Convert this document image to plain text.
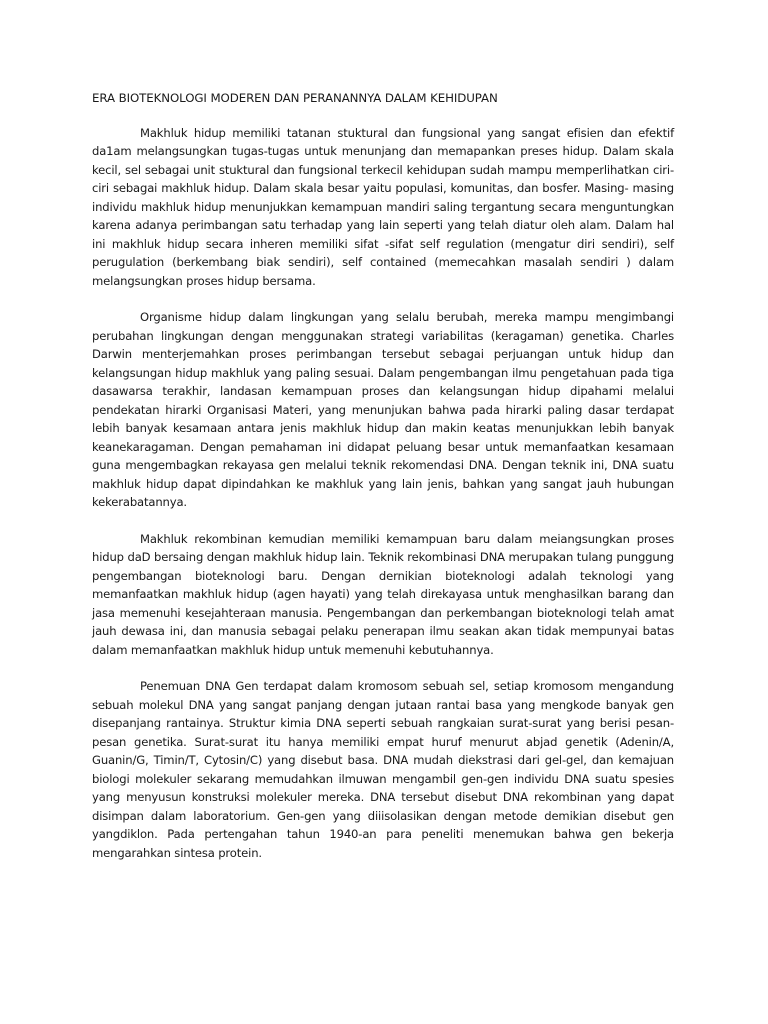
ERA BIOTEKNOLOGI MODEREN DAN PERANANNYA DALAM KEHIDUPAN

Makhluk hidup memiliki tatanan stuktural dan fungsional yang sangat efisien dan efektif da1am melangsungkan tugas-tugas untuk menunjang dan memapankan preses hidup. Dalam skala kecil, sel sebagai unit stuktural dan fungsional terkecil kehidupan sudah mampu memperlihatkan ciri-ciri sebagai makhluk hidup. Dalam skala besar yaitu populasi, komunitas, dan bosfer. Masing- masing individu makhluk hidup menunjukkan kemampuan mandiri saling tergantung secara menguntungkan karena adanya perimbangan satu terhadap yang lain seperti yang telah diatur oleh alam. Dalam hal ini makhluk hidup secara inheren memiliki sifat -sifat self regulation (mengatur diri sendiri), self perugulation (berkembang biak sendiri), self contained (memecahkan masalah sendiri ) dalam melangsungkan proses hidup bersama.

Organisme hidup dalam lingkungan yang selalu berubah, mereka mampu mengimbangi perubahan lingkungan dengan menggunakan strategi variabilitas (keragaman) genetika. Charles Darwin menterjemahkan proses perimbangan tersebut sebagai perjuangan untuk hidup dan kelangsungan hidup makhluk yang paling sesuai. Dalam pengembangan ilmu pengetahuan pada tiga dasawarsa terakhir, landasan kemampuan proses dan kelangsungan hidup dipahami melalui pendekatan hirarki Organisasi Materi, yang menunjukan bahwa pada hirarki paling dasar terdapat lebih banyak kesamaan antara jenis makhluk hidup dan makin keatas menunjukkan lebih banyak keanekaragaman. Dengan pemahaman ini didapat peluang besar untuk memanfaatkan kesamaan guna mengembagkan rekayasa gen melalui teknik rekomendasi DNA. Dengan teknik ini, DNA suatu makhluk hidup dapat dipindahkan ke makhluk yang lain jenis, bahkan yang sangat jauh hubungan kekerabatannya.

Makhluk rekombinan kemudian memiliki kemampuan baru dalam meiangsungkan proses hidup daD bersaing dengan makhluk hidup lain. Teknik rekombinasi DNA merupakan tulang punggung pengembangan bioteknologi baru. Dengan dernikian bioteknologi adalah teknologi yang memanfaatkan makhluk hidup (agen hayati) yang telah direkayasa untuk menghasilkan barang dan jasa memenuhi kesejahteraan manusia. Pengembangan dan perkembangan bioteknologi telah amat jauh dewasa ini, dan manusia sebagai pelaku penerapan ilmu seakan akan tidak mempunyai batas dalam memanfaatkan makhluk hidup untuk memenuhi kebutuhannya.

Penemuan DNA Gen terdapat dalam kromosom sebuah sel, setiap kromosom mengandung sebuah molekul DNA yang sangat panjang dengan jutaan rantai basa yang mengkode banyak gen disepanjang rantainya. Struktur kimia DNA seperti sebuah rangkaian surat-surat yang berisi pesan-pesan genetika. Surat-surat itu hanya memiliki empat huruf menurut abjad genetik (Adenin/A, Guanin/G, Timin/T, Cytosin/C) yang disebut basa. DNA mudah diekstrasi dari gel-gel, dan kemajuan biologi molekuler sekarang memudahkan ilmuwan mengambil gen-gen individu DNA suatu spesies yang menyusun konstruksi molekuler mereka. DNA tersebut disebut DNA rekombinan yang dapat disimpan dalam laboratorium. Gen-gen yang diiisolasikan dengan metode demikian disebut gen yangdiklon. Pada pertengahan tahun 1940-an para peneliti menemukan bahwa gen bekerja mengarahkan sintesa protein.
